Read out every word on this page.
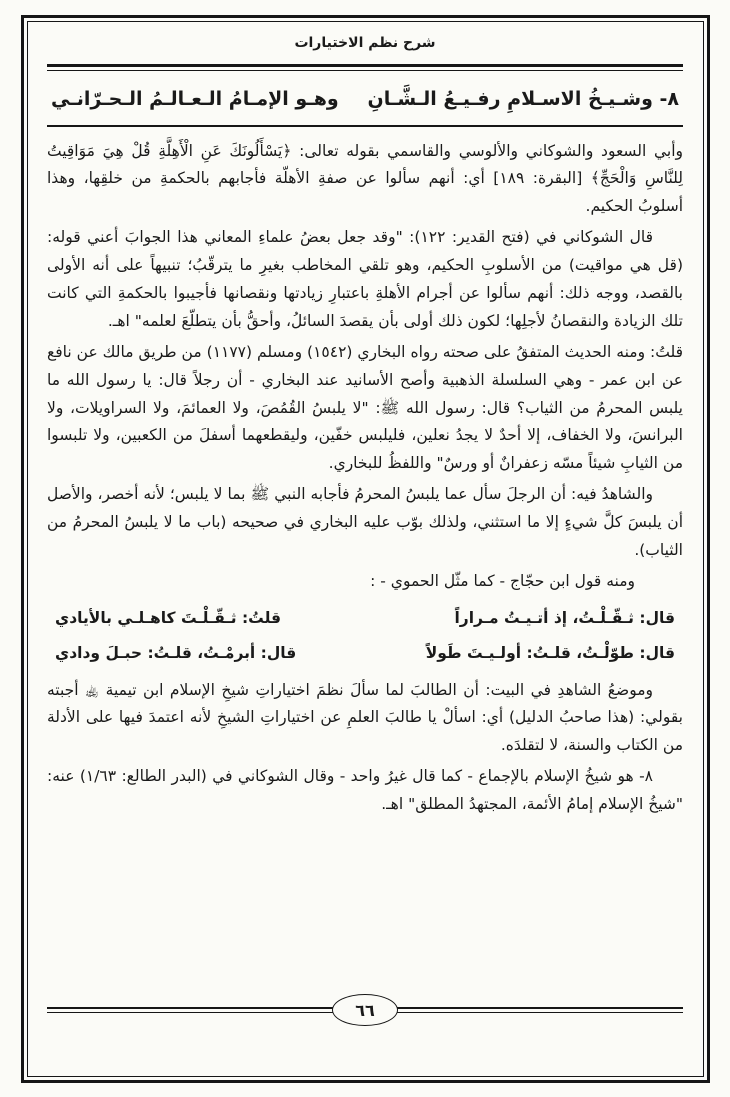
شرح نظم الاختيارات
٨- وشـيـخُ الاسـلامِ رفـيـعُ الـشَّـانِ
وهـو الإمـامُ الـعـالـمُ الـحـرّانـي

وأبي السعود والشوكاني والألوسي والقاسمي بقوله تعالى: ﴿يَسْأَلُونَكَ عَنِ الْأَهِلَّةِ قُلْ هِيَ مَوَاقِيتُ لِلنَّاسِ وَالْحَجِّ﴾ [البقرة: ١٨٩] أي: أنهم سألوا عن صفةِ الأهلّة فأجابهم بالحكمةِ من خلقِها، وهذا أسلوبُ الحكيم.

قال الشوكاني في (فتح القدير: ١٢٢): "وقد جعل بعضُ علماءِ المعاني هذا الجوابَ أعني قوله: (قل هي مواقيت) من الأسلوبِ الحكيم، وهو تلقي المخاطب بغيرِ ما يترقّبُ؛ تنبيهاً على أنه الأولى بالقصد، ووجه ذلك: أنهم سألوا عن أجرام الأهلةِ باعتبارِ زيادتها ونقصانها فأجيبوا بالحكمةِ التي كانت تلك الزيادة والنقصانُ لأجلِها؛ لكون ذلك أولى بأن يقصدَ السائلُ، وأحقُّ بأن يتطلّعَ لعلمه" اهـ.

قلتُ: ومنه الحديث المتفقُ على صحته رواه البخاري (١٥٤٢) ومسلم (١١٧٧) من طريق مالك عن نافع عن ابن عمر - وهي السلسلة الذهبية وأصح الأسانيد عند البخاري - أن رجلاً قال: يا رسول الله ما يلبس المحرمُ من الثياب؟ قال: رسول الله ﷺ: "لا يلبسُ القُمُصَ، ولا العمائمَ، ولا السراويلات، ولا البرانسَ، ولا الخفاف، إلا أحدٌ لا يجدُ نعلين، فليلبس خفّين، وليقطعهما أسفلَ من الكعبين، ولا تلبسوا من الثيابِ شيئاً مسّه زعفرانٌ أو ورسٌ" واللفظُ للبخاري.

والشاهدُ فيه: أن الرجلَ سأل عما يلبسُ المحرمُ فأجابه النبي ﷺ بما لا يلبس؛ لأنه أخصر، والأصل أن يلبسَ كلَّ شيءٍ إلا ما استثني، ولذلك بوّب عليه البخاري في صحيحه (باب ما لا يلبسُ المحرمُ من الثياب).

ومنه قول ابن حجّاج - كما مثّل الحموي - :

قال: ثـقّـلْـتُ، إذ أتـيـتُ مـراراً
قلتُ: ثـقّـلْـتَ كاهـلـي بالأيادي
قال: طوّلْـتُ، قلـتُ: أولـيـتَ طَولاً
قال: أبرمْـتُ، قلـتُ: حبـلَ ودادي

وموضعُ الشاهدِ في البيت: أن الطالبَ لما سألَ نظمَ اختياراتِ شيخِ الإسلام ابن تيمية ﵀ أجبته بقولي: (هذا صاحبُ الدليل) أي: اسألْ يا طالبَ العلمِ عن اختياراتِ الشيخِ لأنه اعتمدَ فيها على الأدلة من الكتاب والسنة، لا لتقلدَه.

٨- هو شيخُ الإسلام بالإجماع - كما قال غيرُ واحد - وقال الشوكاني في (البدر الطالع: ١/٦٣) عنه: "شيخُ الإسلام إمامُ الأئمة، المجتهدُ المطلق" اهـ.

٦٦
